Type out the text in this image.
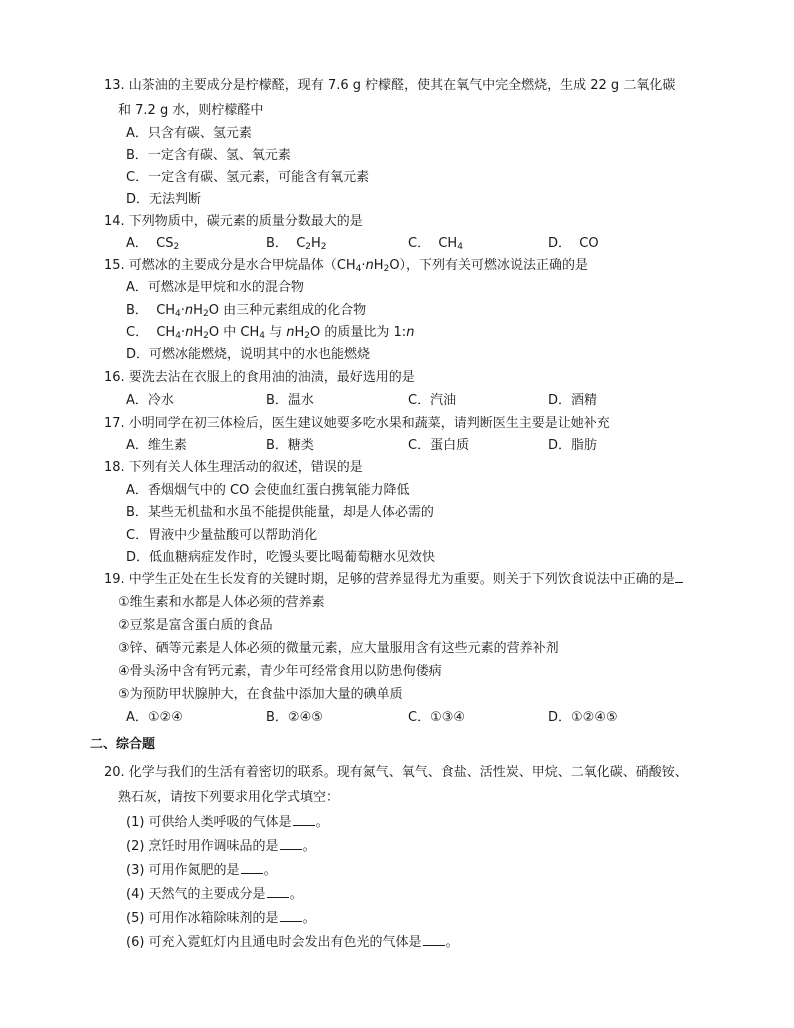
13. 山茶油的主要成分是柠檬醛，现有 7.6 g 柠檬醛，使其在氧气中完全燃烧，生成 22 g 二氧化碳
和 7.2 g 水，则柠檬醛中
A．只含有碳、氢元素
B．一定含有碳、氢、氧元素
C．一定含有碳、氢元素，可能含有氧元素
D．无法判断
14. 下列物质中，碳元素的质量分数最大的是
A． $CS_2$	B． $C_2H_2$	C． $CH_4$	D． CO
15. 可燃冰的主要成分是水合甲烷晶体$(CH_4\cdot nH_2O)$，下列有关可燃冰说法正确的是
A．可燃冰是甲烷和水的混合物
B． $CH_4\cdot nH_2O$ 由三种元素组成的化合物
C． $CH_4\cdot nH_2O$ 中 $CH_4$ 与 $nH_2O$ 的质量比为 1:n
D．可燃冰能燃烧，说明其中的水也能燃烧
16. 要洗去沾在衣服上的食用油的油渍，最好选用的是
A．冷水	B．温水	C．汽油	D．酒精
17. 小明同学在初三体检后，医生建议她要多吃水果和蔬菜，请判断医生主要是让她补充
A．维生素	B．糖类	C．蛋白质	D．脂肪
18. 下列有关人体生理活动的叙述，错误的是
A．香烟烟气中的 CO 会使血红蛋白携氧能力降低
B．某些无机盐和水虽不能提供能量，却是人体必需的
C．胃液中少量盐酸可以帮助消化
D．低血糖病症发作时，吃馒头要比喝葡萄糖水见效快
19. 中学生正处在生长发育的关键时期，足够的营养显得尤为重要。则关于下列饮食说法中正确的是
①维生素和水都是人体必须的营养素
②豆浆是富含蛋白质的食品
③锌、硒等元素是人体必须的微量元素，应大量服用含有这些元素的营养补剂
④骨头汤中含有钙元素，青少年可经常食用以防患佝偻病
⑤为预防甲状腺肿大，在食盐中添加大量的碘单质
A．①②④	B．②④⑤	C．①③④	D．①②④⑤
二、综合题
20. 化学与我们的生活有着密切的联系。现有氮气、氧气、食盐、活性炭、甲烷、二氧化碳、硝酸铵、
熟石灰，请按下列要求用化学式填空：
(1) 可供给人类呼吸的气体是 。
(2) 烹饪时用作调味品的是 。
(3) 可用作氮肥的是 。
(4) 天然气的主要成分是 。
(5) 可用作冰箱除味剂的是 。
(6) 可充入霓虹灯内且通电时会发出有色光的气体是 。
